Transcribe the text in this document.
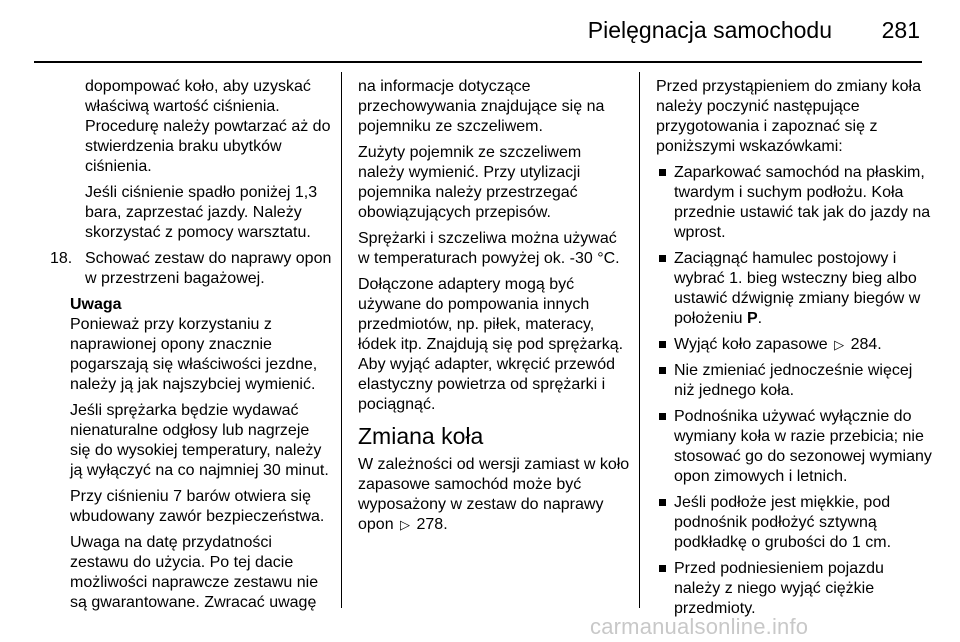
Pielęgnacja samochodu 281

dopompować koło, aby uzyskać właściwą wartość ciśnienia. Procedurę należy powtarzać aż do stwierdzenia braku ubytków ciśnienia.

Jeśli ciśnienie spadło poniżej 1,3 bara, zaprzestać jazdy. Należy skorzystać z pomocy warsztatu.

18. Schować zestaw do naprawy opon w przestrzeni bagażowej.
Uwaga

Ponieważ przy korzystaniu z naprawionej opony znacznie pogarszają się właściwości jezdne, należy ją jak najszybciej wymienić.

Jeśli sprężarka będzie wydawać nienaturalne odgłosy lub nagrzeje się do wysokiej temperatury, należy ją wyłączyć na co najmniej 30 minut.

Przy ciśnieniu 7 barów otwiera się wbudowany zawór bezpieczeństwa.

Uwaga na datę przydatności zestawu do użycia. Po tej dacie możliwości naprawcze zestawu nie są gwarantowane. Zwracać uwagę

na informacje dotyczące przechowywania znajdujące się na pojemniku ze szczeliwem.

Zużyty pojemnik ze szczeliwem należy wymienić. Przy utylizacji pojemnika należy przestrzegać obowiązujących przepisów.

Sprężarki i szczeliwa można używać w temperaturach powyżej ok. -30 °C.

Dołączone adaptery mogą być używane do pompowania innych przedmiotów, np. piłek, materacy, łódek itp. Znajdują się pod sprężarką. Aby wyjąć adapter, wkręcić przewód elastyczny powietrza od sprężarki i pociągnąć.

Zmiana koła

W zależności od wersji zamiast w koło zapasowe samochód może być wyposażony w zestaw do naprawy opon ▷ 278.

Przed przystąpieniem do zmiany koła należy poczynić następujące przygotowania i zapoznać się z poniższymi wskazówkami:

Zaparkować samochód na płaskim, twardym i suchym podłożu. Koła przednie ustawić tak jak do jazdy na wprost.
Zaciągnąć hamulec postojowy i wybrać 1. bieg wsteczny bieg albo ustawić dźwignię zmiany biegów w położeniu P.
Wyjąć koło zapasowe ▷ 284.
Nie zmieniać jednocześnie więcej niż jednego koła.
Podnośnika używać wyłącznie do wymiany koła w razie przebicia; nie stosować go do sezonowej wymiany opon zimowych i letnich.
Jeśli podłoże jest miękkie, pod podnośnik podłożyć sztywną podkładkę o grubości do 1 cm.
Przed podniesieniem pojazdu należy z niego wyjąć ciężkie przedmioty.
carmanualsonline.info
